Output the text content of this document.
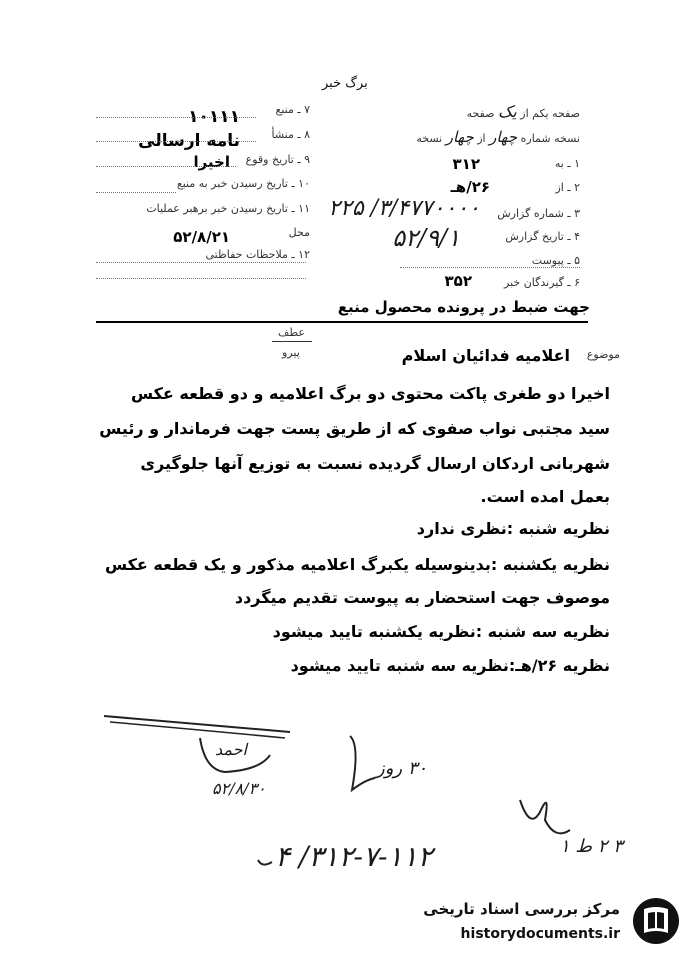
برگ خبر
صفحه یکم از یک صفحه
نسخه شماره چهار از چهار نسخه
۱ ـ به
۳۱۲
۲ ـ از
۲۶/هـ
۳ ـ شماره گزارش
۳/۴۷۷۰۰۰۰/ ۲۲۵
۴ ـ تاریخ گزارش
۵۲/۹/۱
۵ ـ پیوست
۶ ـ گیرندگان خبر
۳۵۲
۷ ـ منبع
۱۰۱۱۱
۸ ـ منشأ
نامه ارسالی
۹ ـ تاریخ وقوع
اخیرا
۱۰ ـ تاریخ رسیدن خبر به منبع
۱۱ ـ تاریخ رسیدن خبر برهبر عملیات
محل
۵۲/۸/۲۱
۱۲ ـ ملاحظات حفاظتی
جهت ضبط در پرونده محصول منبع
عطف
پیرو	موضوع
اعلامیه فدائیان اسلام
اخیرا دو طغری پاکت محتوی دو برگ اعلامیه و دو قطعه عکس
سید مجتبی نواب صفوی که از طریق پست جهت فرماندار و رئیس
شهربانی اردکان ارسال گردیده نسبت به توزیع آنها جلوگیری
بعمل امده است.
نظریه شنبه :نظری ندارد
نظریه یکشنبه :بدینوسیله یکبرگ اعلامیه مذکور و یک قطعه عکس
موصوف جهت استحضار به پیوست تقدیم میگردد
نظریه سه شنبه :نظریه یکشنبه تایید میشود
نظریه ۲۶/هـ:نظریه سه شنبه تایید میشود
احمد
۵۲/۸/۳۰
۳۰ روز
۳ ۲ ط ۱
۳۱۲-۷-۱۱۲/ ۴
مرکز بررسی اسناد تاریخی
historydocuments.ir
